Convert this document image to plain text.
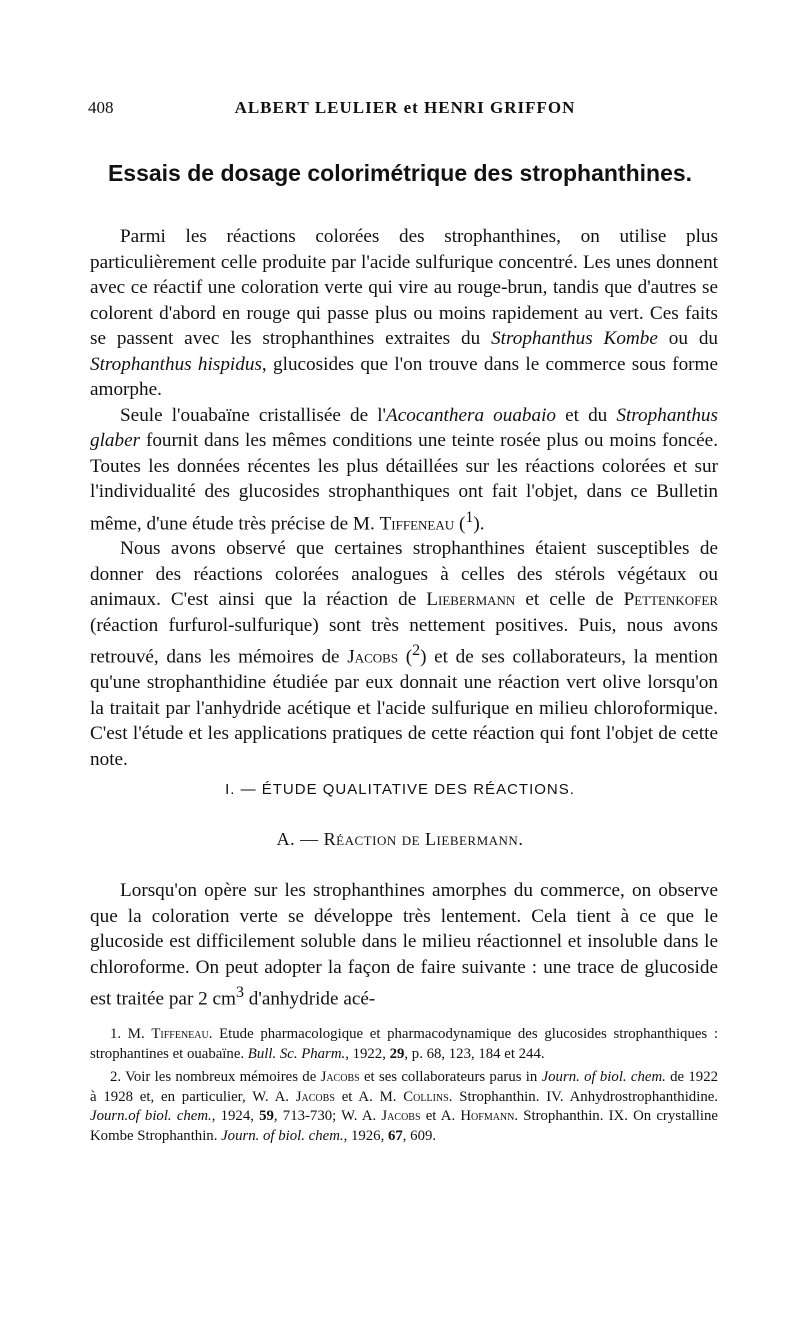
408	ALBERT LEULIER et HENRI GRIFFON
Essais de dosage colorimétrique des strophanthines.

Parmi les réactions colorées des strophanthines, on utilise plus particulièrement celle produite par l'acide sulfurique concentré. Les unes donnent avec ce réactif une coloration verte qui vire au rouge-brun, tandis que d'autres se colorent d'abord en rouge qui passe plus ou moins rapidement au vert. Ces faits se passent avec les strophanthines extraites du Strophanthus Kombe ou du Strophanthus hispidus, glucosides que l'on trouve dans le commerce sous forme amorphe.

Seule l'ouabaïne cristallisée de l'Acocanthera ouabaio et du Strophanthus glaber fournit dans les mêmes conditions une teinte rosée plus ou moins foncée. Toutes les données récentes les plus détaillées sur les réactions colorées et sur l'individualité des glucosides strophanthiques ont fait l'objet, dans ce Bulletin même, d'une étude très précise de M. Tiffeneau ($^1$).

Nous avons observé que certaines strophanthines étaient susceptibles de donner des réactions colorées analogues à celles des stérols végétaux ou animaux. C'est ainsi que la réaction de Liebermann et celle de Pettenkofer (réaction furfurol-sulfurique) sont très nettement positives. Puis, nous avons retrouvé, dans les mémoires de Jacobs ($^2$) et de ses collaborateurs, la mention qu'une strophanthidine étudiée par eux donnait une réaction vert olive lorsqu'on la traitait par l'anhydride acétique et l'acide sulfurique en milieu chloroformique. C'est l'étude et les applications pratiques de cette réaction qui font l'objet de cette note.

I. — ÉTUDE QUALITATIVE DES RÉACTIONS.
A. — Réaction de Liebermann.

Lorsqu'on opère sur les strophanthines amorphes du commerce, on observe que la coloration verte se développe très lentement. Cela tient à ce que le glucoside est difficilement soluble dans le milieu réactionnel et insoluble dans le chloroforme. On peut adopter la façon de faire suivante : une trace de glucoside est traitée par 2 $cm^3$ d'anhydride acé-

1. M. Tiffeneau. Etude pharmacologique et pharmacodynamique des glucosides strophanthiques : strophantines et ouabaïne. Bull. Sc. Pharm., 1922, 29, p. 68, 123, 184 et 244.

2. Voir les nombreux mémoires de Jacobs et ses collaborateurs parus in Journ. of biol. chem. de 1922 à 1928 et, en particulier, W. A. Jacobs et A. M. Collins. Strophanthin. IV. Anhydrostrophanthidine. Journ.of biol. chem., 1924, 59, 713-730; W. A. Jacobs et A. Hofmann. Strophanthin. IX. On crystalline Kombe Strophanthin. Journ. of biol. chem., 1926, 67, 609.
